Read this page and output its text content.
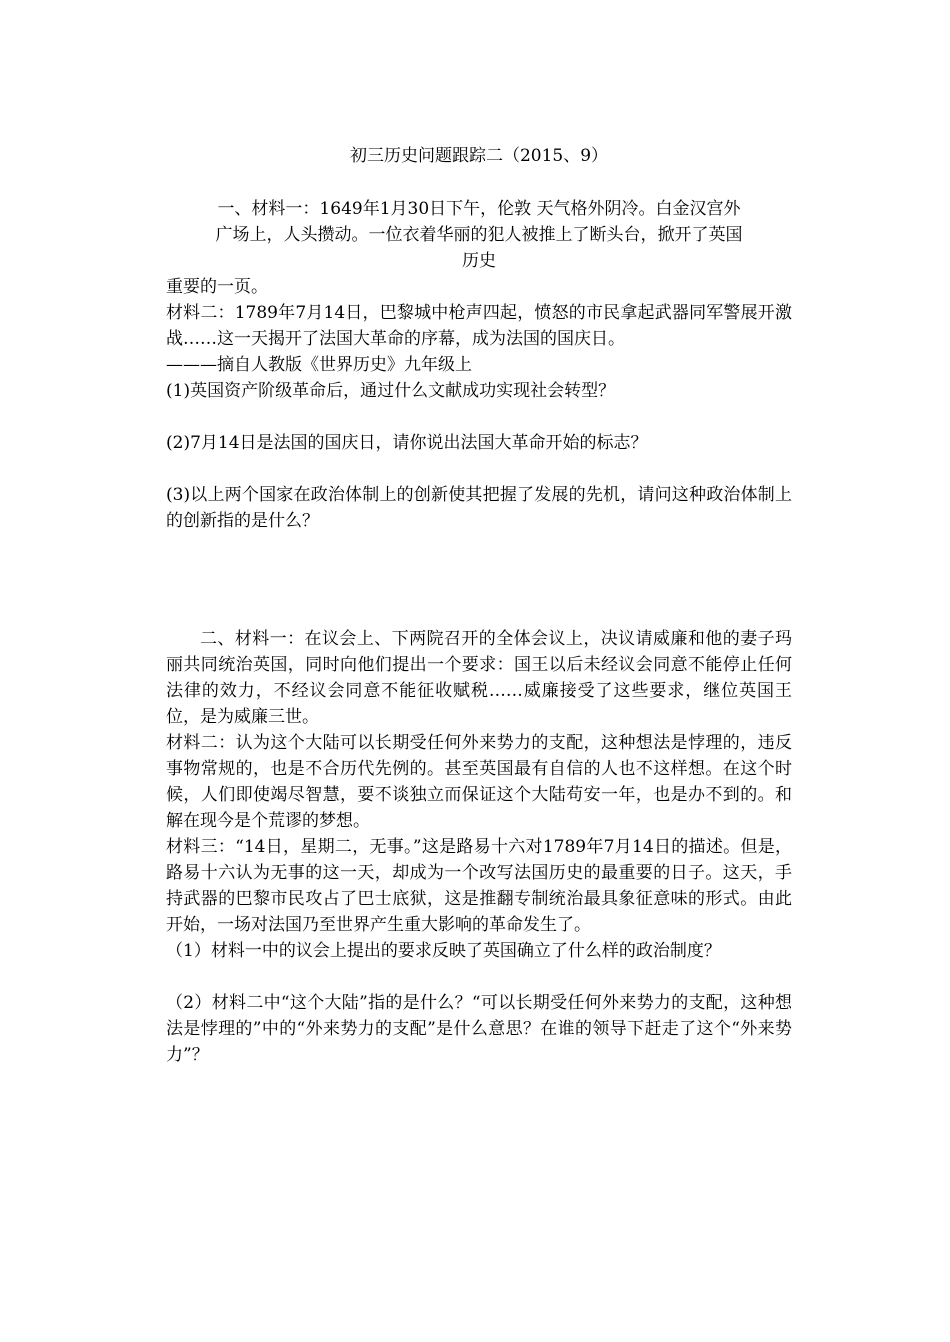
初三历史问题跟踪二（2015、9）

一、材料一：1649年1月30日下午，伦敦 天气格外阴冷。白金汉宫外

广场上，人头攒动。一位衣着华丽的犯人被推上了断头台，掀开了英国

历史

重要的一页。

材料二：1789年7月14日，巴黎城中枪声四起，愤怒的市民拿起武器同军警展开激战……这一天揭开了法国大革命的序幕，成为法国的国庆日。

———摘自人教版《世界历史》九年级上

(1)英国资产阶级革命后，通过什么文献成功实现社会转型？

(2)7月14日是法国的国庆日，请你说出法国大革命开始的标志？

(3)以上两个国家在政治体制上的创新使其把握了发展的先机，请问这种政治体制上的创新指的是什么？

二、材料一：在议会上、下两院召开的全体会议上，决议请威廉和他的妻子玛丽共同统治英国，同时向他们提出一个要求：国王以后未经议会同意不能停止任何法律的效力，不经议会同意不能征收赋税……威廉接受了这些要求，继位英国王位，是为威廉三世。

材料二：认为这个大陆可以长期受任何外来势力的支配，这种想法是悖理的，违反事物常规的，也是不合历代先例的。甚至英国最有自信的人也不这样想。在这个时候，人们即使竭尽智慧，要不谈独立而保证这个大陆苟安一年，也是办不到的。和解在现今是个荒谬的梦想。

材料三：“14日，星期二，无事。”这是路易十六对1789年7月14日的描述。但是，路易十六认为无事的这一天，却成为一个改写法国历史的最重要的日子。这天，手持武器的巴黎市民攻占了巴士底狱，这是推翻专制统治最具象征意味的形式。由此开始，一场对法国乃至世界产生重大影响的革命发生了。

（1）材料一中的议会上提出的要求反映了英国确立了什么样的政治制度？

（2）材料二中“这个大陆”指的是什么？“可以长期受任何外来势力的支配，这种想法是悖理的”中的“外来势力的支配”是什么意思？在谁的领导下赶走了这个“外来势力”？
